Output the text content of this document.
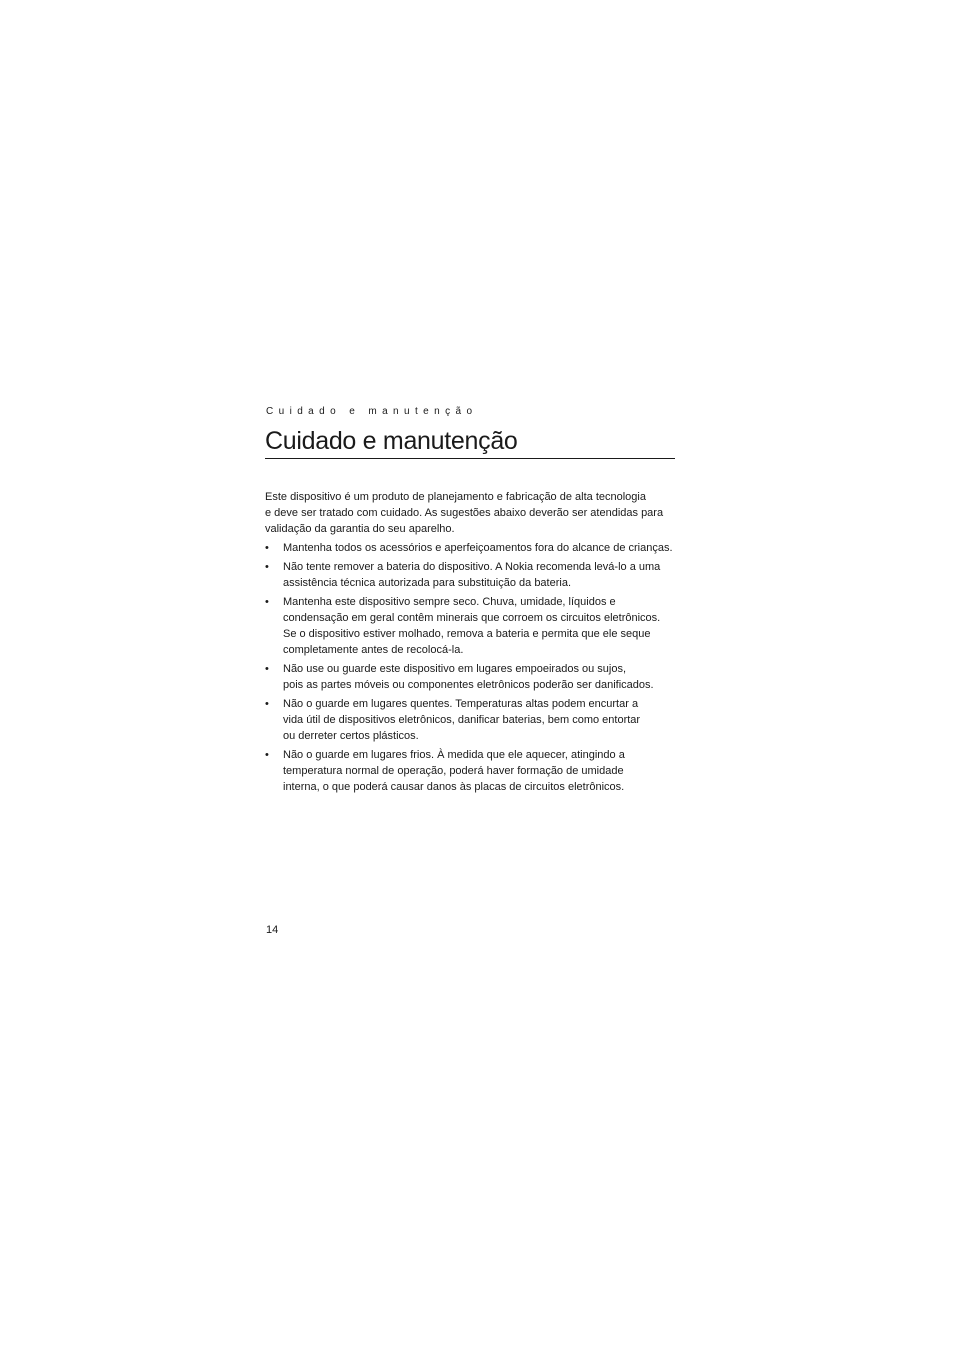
Cuidado e manutenção
Cuidado e manutenção

Este dispositivo é um produto de planejamento e fabricação de alta tecnologia
e deve ser tratado com cuidado. As sugestões abaixo deverão ser atendidas para
validação da garantia do seu aparelho.

•	Mantenha todos os acessórios e aperfeiçoamentos fora do alcance de crianças.
•	Não tente remover a bateria do dispositivo. A Nokia recomenda levá-lo a uma
assistência técnica autorizada para substituição da bateria.
•	Mantenha este dispositivo sempre seco. Chuva, umidade, líquidos e
condensação em geral contêm minerais que corroem os circuitos eletrônicos.
Se o dispositivo estiver molhado, remova a bateria e permita que ele seque
completamente antes de recolocá-la.
•	Não use ou guarde este dispositivo em lugares empoeirados ou sujos,
pois as partes móveis ou componentes eletrônicos poderão ser danificados.
•	Não o guarde em lugares quentes. Temperaturas altas podem encurtar a
vida útil de dispositivos eletrônicos, danificar baterias, bem como entortar
ou derreter certos plásticos.
•	Não o guarde em lugares frios. À medida que ele aquecer, atingindo a
temperatura normal de operação, poderá haver formação de umidade
interna, o que poderá causar danos às placas de circuitos eletrônicos.
14
